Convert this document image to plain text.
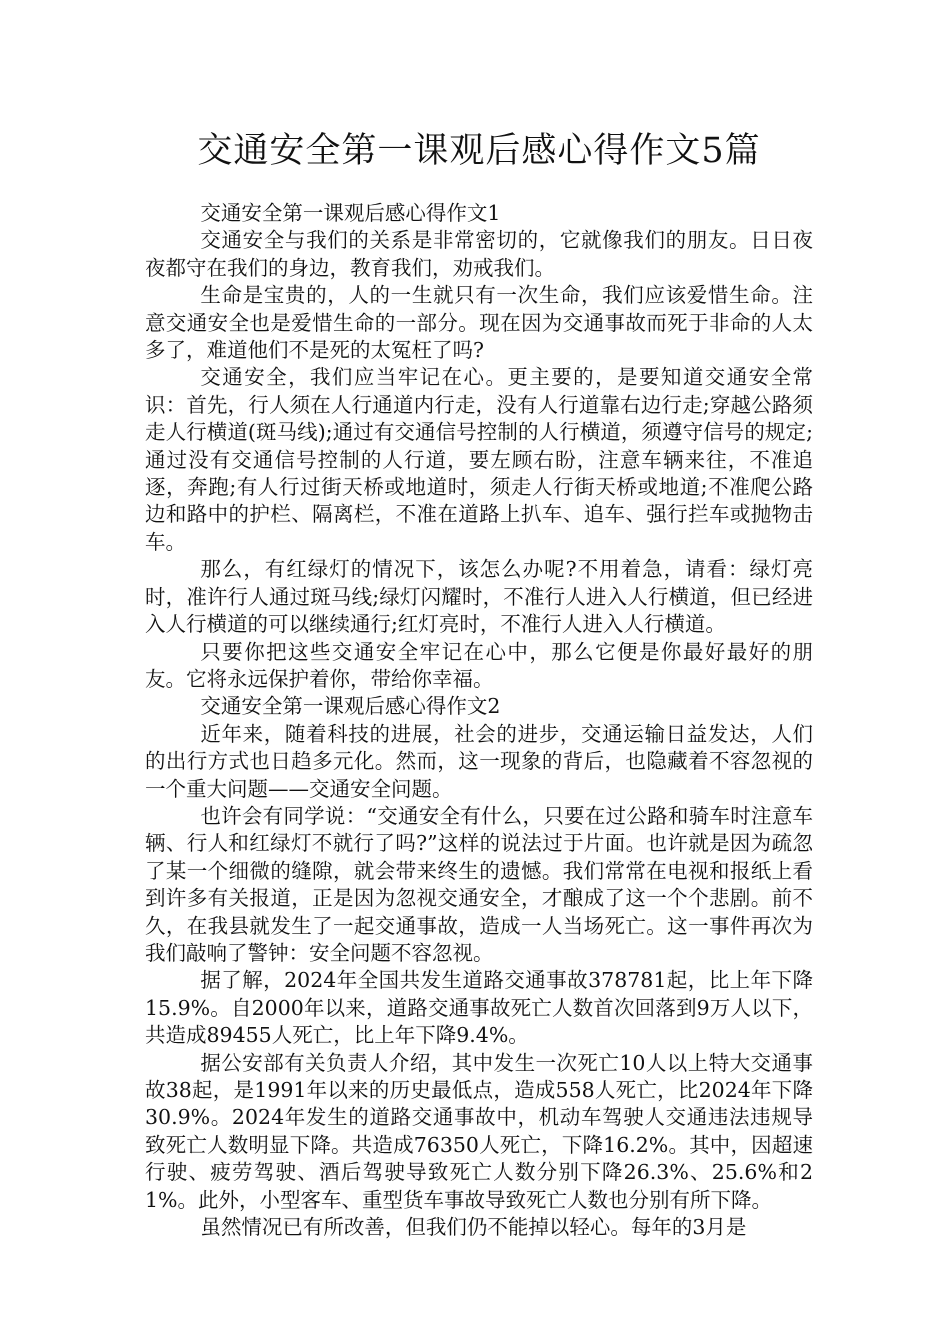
交通安全第一课观后感心得作文5篇

交通安全第一课观后感心得作文1

交通安全与我们的关系是非常密切的，它就像我们的朋友。日日夜夜都守在我们的身边，教育我们，劝戒我们。

生命是宝贵的，人的一生就只有一次生命，我们应该爱惜生命。注意交通安全也是爱惜生命的一部分。现在因为交通事故而死于非命的人太多了，难道他们不是死的太冤枉了吗?

交通安全，我们应当牢记在心。更主要的，是要知道交通安全常识：首先，行人须在人行通道内行走，没有人行道靠右边行走;穿越公路须走人行横道(斑马线);通过有交通信号控制的人行横道，须遵守信号的规定;通过没有交通信号控制的人行道，要左顾右盼，注意车辆来往，不准追逐，奔跑;有人行过街天桥或地道时，须走人行街天桥或地道;不准爬公路边和路中的护栏、隔离栏，不准在道路上扒车、追车、强行拦车或抛物击车。

那么，有红绿灯的情况下，该怎么办呢?不用着急，请看：绿灯亮时，准许行人通过斑马线;绿灯闪耀时，不准行人进入人行横道，但已经进入人行横道的可以继续通行;红灯亮时，不准行人进入人行横道。

只要你把这些交通安全牢记在心中，那么它便是你最好最好的朋友。它将永远保护着你，带给你幸福。

交通安全第一课观后感心得作文2

近年来，随着科技的进展，社会的进步，交通运输日益发达，人们的出行方式也日趋多元化。然而，这一现象的背后，也隐藏着不容忽视的一个重大问题——交通安全问题。

也许会有同学说：“交通安全有什么，只要在过公路和骑车时注意车辆、行人和红绿灯不就行了吗?”这样的说法过于片面。也许就是因为疏忽了某一个细微的缝隙，就会带来终生的遗憾。我们常常在电视和报纸上看到许多有关报道，正是因为忽视交通安全，才酿成了这一个个悲剧。前不久，在我县就发生了一起交通事故，造成一人当场死亡。这一事件再次为我们敲响了警钟：安全问题不容忽视。

据了解，2024年全国共发生道路交通事故378781起，比上年下降15.9%。自2000年以来，道路交通事故死亡人数首次回落到9万人以下，共造成89455人死亡，比上年下降9.4%。

据公安部有关负责人介绍，其中发生一次死亡10人以上特大交通事故38起，是1991年以来的历史最低点，造成558人死亡，比2024年下降30.9%。2024年发生的道路交通事故中，机动车驾驶人交通违法违规导致死亡人数明显下降。共造成76350人死亡，下降16.2%。其中，因超速行驶、疲劳驾驶、酒后驾驶导致死亡人数分别下降26.3%、25.6%和21%。此外，小型客车、重型货车事故导致死亡人数也分别有所下降。

虽然情况已有所改善，但我们仍不能掉以轻心。每年的3月是
